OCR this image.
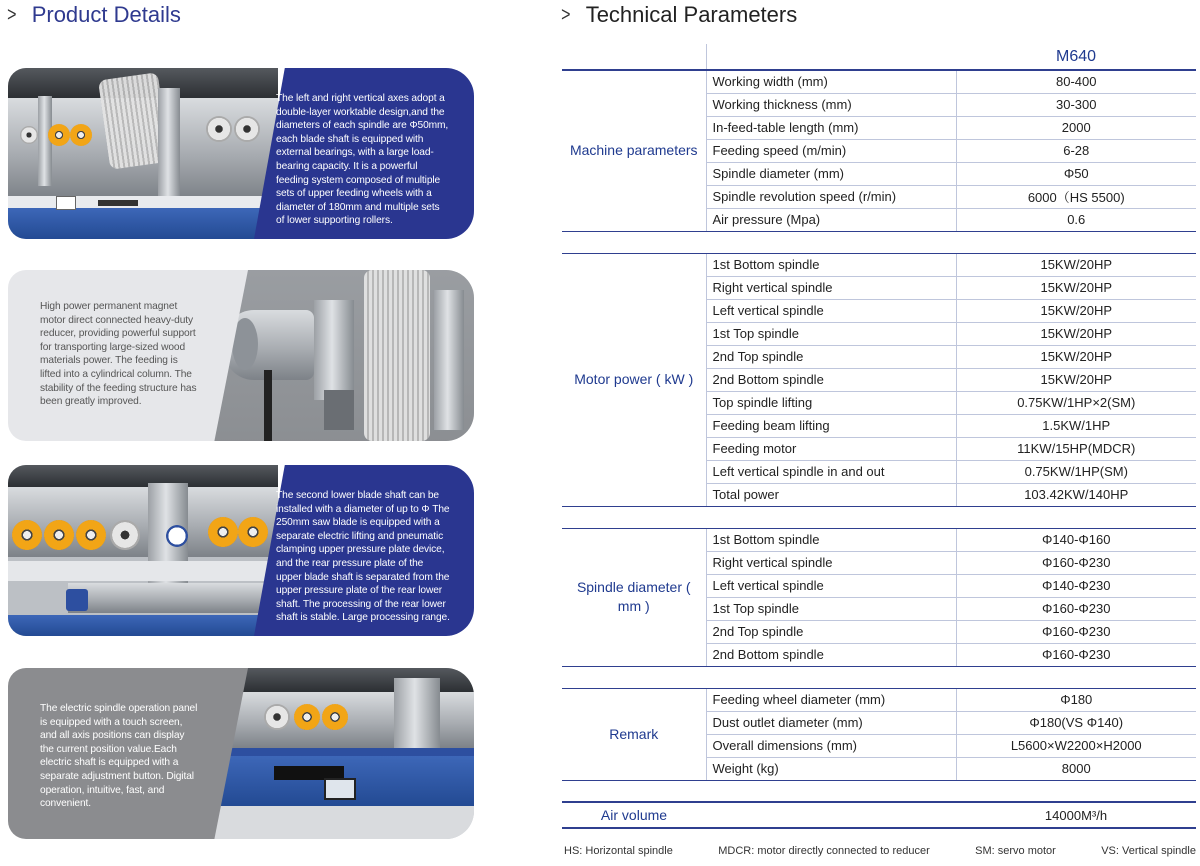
> Product Details	> Technical Parameters
The left and right vertical axes adopt a double-layer worktable design,and the diameters of each spindle are Φ50mm, each blade shaft is equipped with external bearings, with a large load-bearing capacity. It is a powerful feeding system composed of multiple sets of upper feeding wheels with a diameter of 180mm and multiple sets of lower supporting rollers.
High power permanent magnet motor direct connected heavy-duty reducer, providing powerful support for transporting large-sized wood materials power. The feeding is lifted into a cylindrical column. The stability of the feeding structure has been greatly improved.
The second lower blade shaft can be installed with a diameter of up to Φ The 250mm saw blade is equipped with a separate electric lifting and pneumatic clamping upper pressure plate device, and the rear pressure plate of the upper blade shaft is separated from the upper pressure plate of the rear lower shaft. The processing of the rear lower shaft is stable. Large processing range.
The electric spindle operation panel is equipped with a touch screen, and all axis positions can display the current position value.Each electric shaft is equipped with a separate adjustment button. Digital operation, intuitive, fast, and convenient.
		M640
Machine parameters	Working width (mm)	80-400
	Working thickness (mm)	30-300
	In-feed-table length (mm)	2000
	Feeding speed (m/min)	6-28
	Spindle diameter (mm)	Φ50
	Spindle revolution speed (r/min)	6000（HS 5500)
	Air pressure (Mpa)	0.6

Motor power ( kW )	1st Bottom spindle	15KW/20HP
	Right vertical spindle	15KW/20HP
	Left vertical spindle	15KW/20HP
	1st Top spindle	15KW/20HP
	2nd Top spindle	15KW/20HP
	2nd Bottom spindle	15KW/20HP
	Top spindle lifting	0.75KW/1HP×2(SM)
	Feeding beam lifting	1.5KW/1HP
	Feeding motor	11KW/15HP(MDCR)
	Left vertical spindle in and out	0.75KW/1HP(SM)
	Total power	103.42KW/140HP

Spindle diameter ( mm )	1st Bottom spindle	Φ140-Φ160
	Right vertical spindle	Φ160-Φ230
	Left vertical spindle	Φ140-Φ230
	1st Top spindle	Φ160-Φ230
	2nd Top spindle	Φ160-Φ230
	2nd Bottom spindle	Φ160-Φ230

Remark	Feeding wheel diameter (mm)	Φ180
	Dust outlet diameter (mm)	Φ180(VS Φ140)
	Overall dimensions (mm)	L5600×W2200×H2000
	Weight (kg)	8000

Air volume		14000M³/h
HS: Horizontal spindle	MDCR: motor directly connected to reducer	SM: servo motor	VS: Vertical spindle
